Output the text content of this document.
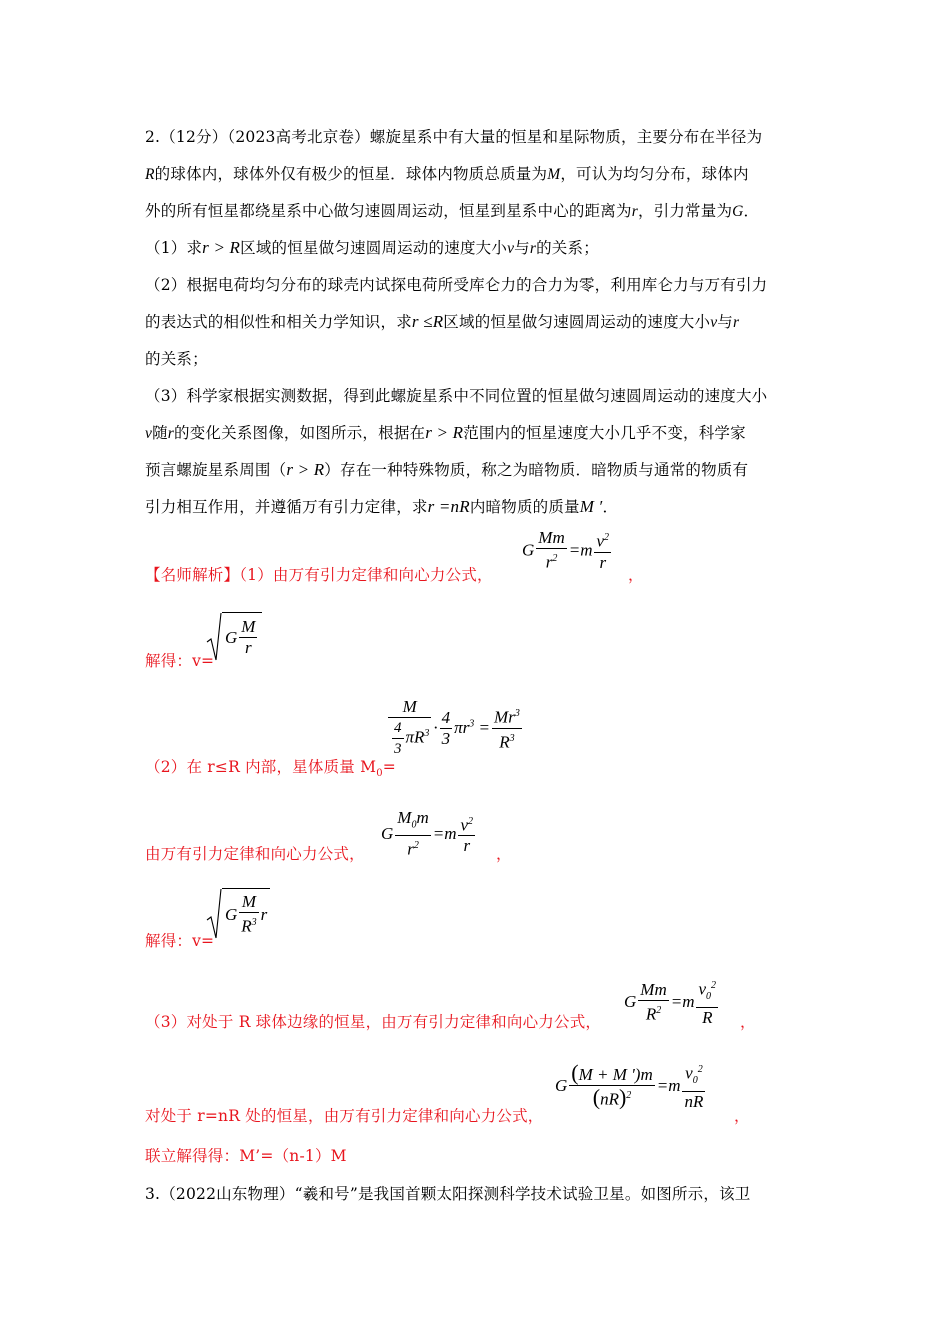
2.（12分）（2023高考北京卷）螺旋星系中有大量的恒星和星际物质，主要分布在半径为
R的球体内，球体外仅有极少的恒星．球体内物质总质量为M，可认为均匀分布，球体内
外的所有恒星都绕星系中心做匀速圆周运动，恒星到星系中心的距离为r，引力常量为G．
（1）求r > R区域的恒星做匀速圆周运动的速度大小v与r的关系；
（2）根据电荷均匀分布的球壳内试探电荷所受库仑力的合力为零，利用库仑力与万有引力
的表达式的相似性和相关力学知识，求r ≤R区域的恒星做匀速圆周运动的速度大小v与r
的关系；
（3）科学家根据实测数据，得到此螺旋星系中不同位置的恒星做匀速圆周运动的速度大小
v随r的变化关系图像，如图所示，根据在r > R范围内的恒星速度大小几乎不变，科学家
预言螺旋星系周围（r > R）存在一种特殊物质，称之为暗物质．暗物质与通常的物质有
引力相互作用，并遵循万有引力定律，求r =nR内暗物质的质量M ′．
【名师解析】（1）由万有引力定律和向心力公式，
G $\frac{Mm}{r^2} =m \frac{v^2}{r}$
，
解得：v=
G $\frac{M}{r}$
（2）在 r≤R 内部，星体质量 $M_0=$
$\frac{M}{\frac{4}{3} \pi R^3} \cdot \frac{4}{3} \pi r^3 = \frac{Mr^3}{R^3}$
由万有引力定律和向心力公式，
G $\frac{M_0m}{r^2} =m \frac{v^2}{r}$ ，
解得：v=
G $\frac{M}{R^3}$ r
（3）对处于 R 球体边缘的恒星，由万有引力定律和向心力公式，
G $\frac{Mm}{R^2} =m \frac{v_0^2}{R}$ ，
对处于 r=nR 处的恒星，由万有引力定律和向心力公式，
G $\frac{(M + M ')m}{(nR)^2} =m \frac{v_0^2}{nR}$
，
联立解得得：M’=（n-1）M
3.（2022山东物理）“羲和号”是我国首颗太阳探测科学技术试验卫星。如图所示，该卫
